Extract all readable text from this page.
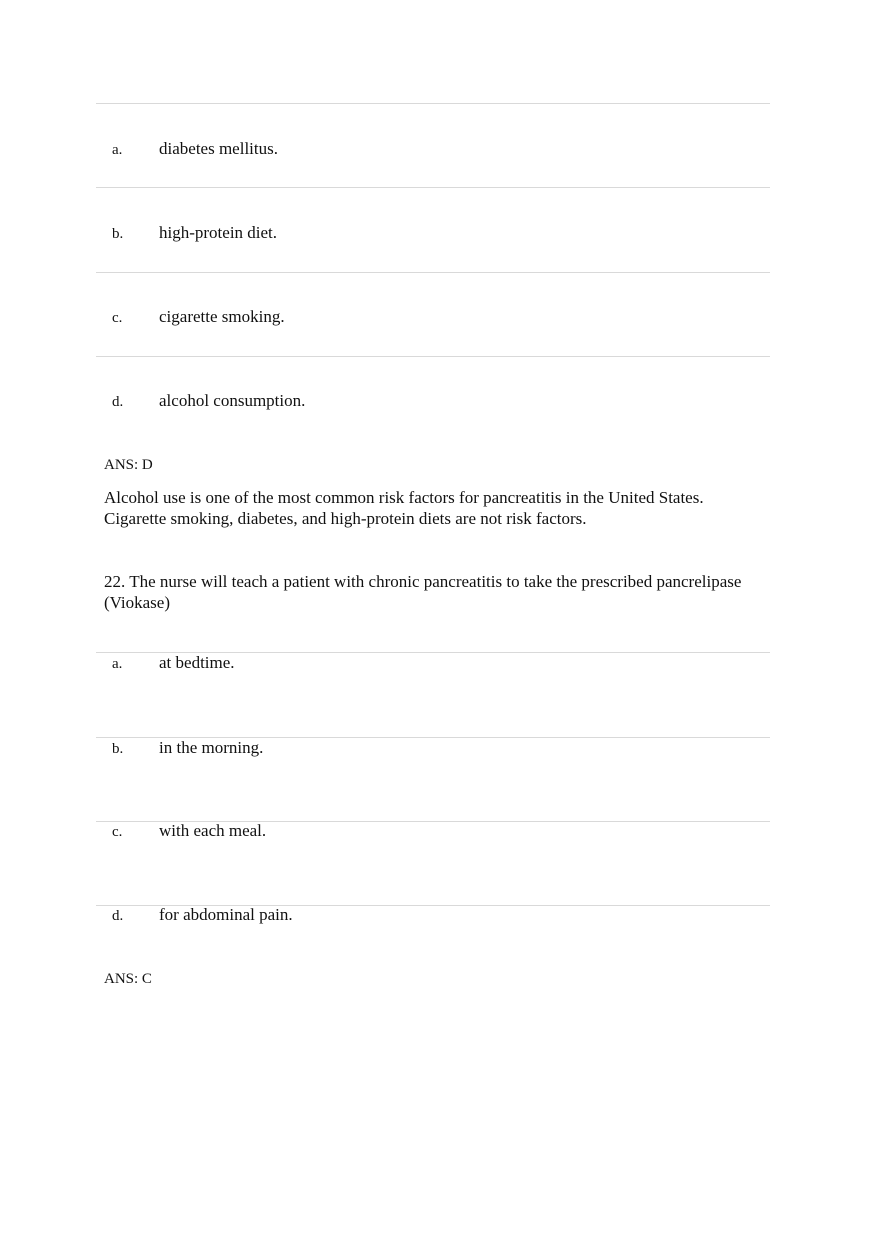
a. diabetes mellitus.
b. high-protein diet.
c. cigarette smoking.
d. alcohol consumption.
ANS: D
Alcohol use is one of the most common risk factors for pancreatitis in the United States.
Cigarette smoking, diabetes, and high-protein diets are not risk factors.
22. The nurse will teach a patient with chronic pancreatitis to take the prescribed pancrelipase
(Viokase)
a. at bedtime.
b. in the morning.
c. with each meal.
d. for abdominal pain.
ANS: C
